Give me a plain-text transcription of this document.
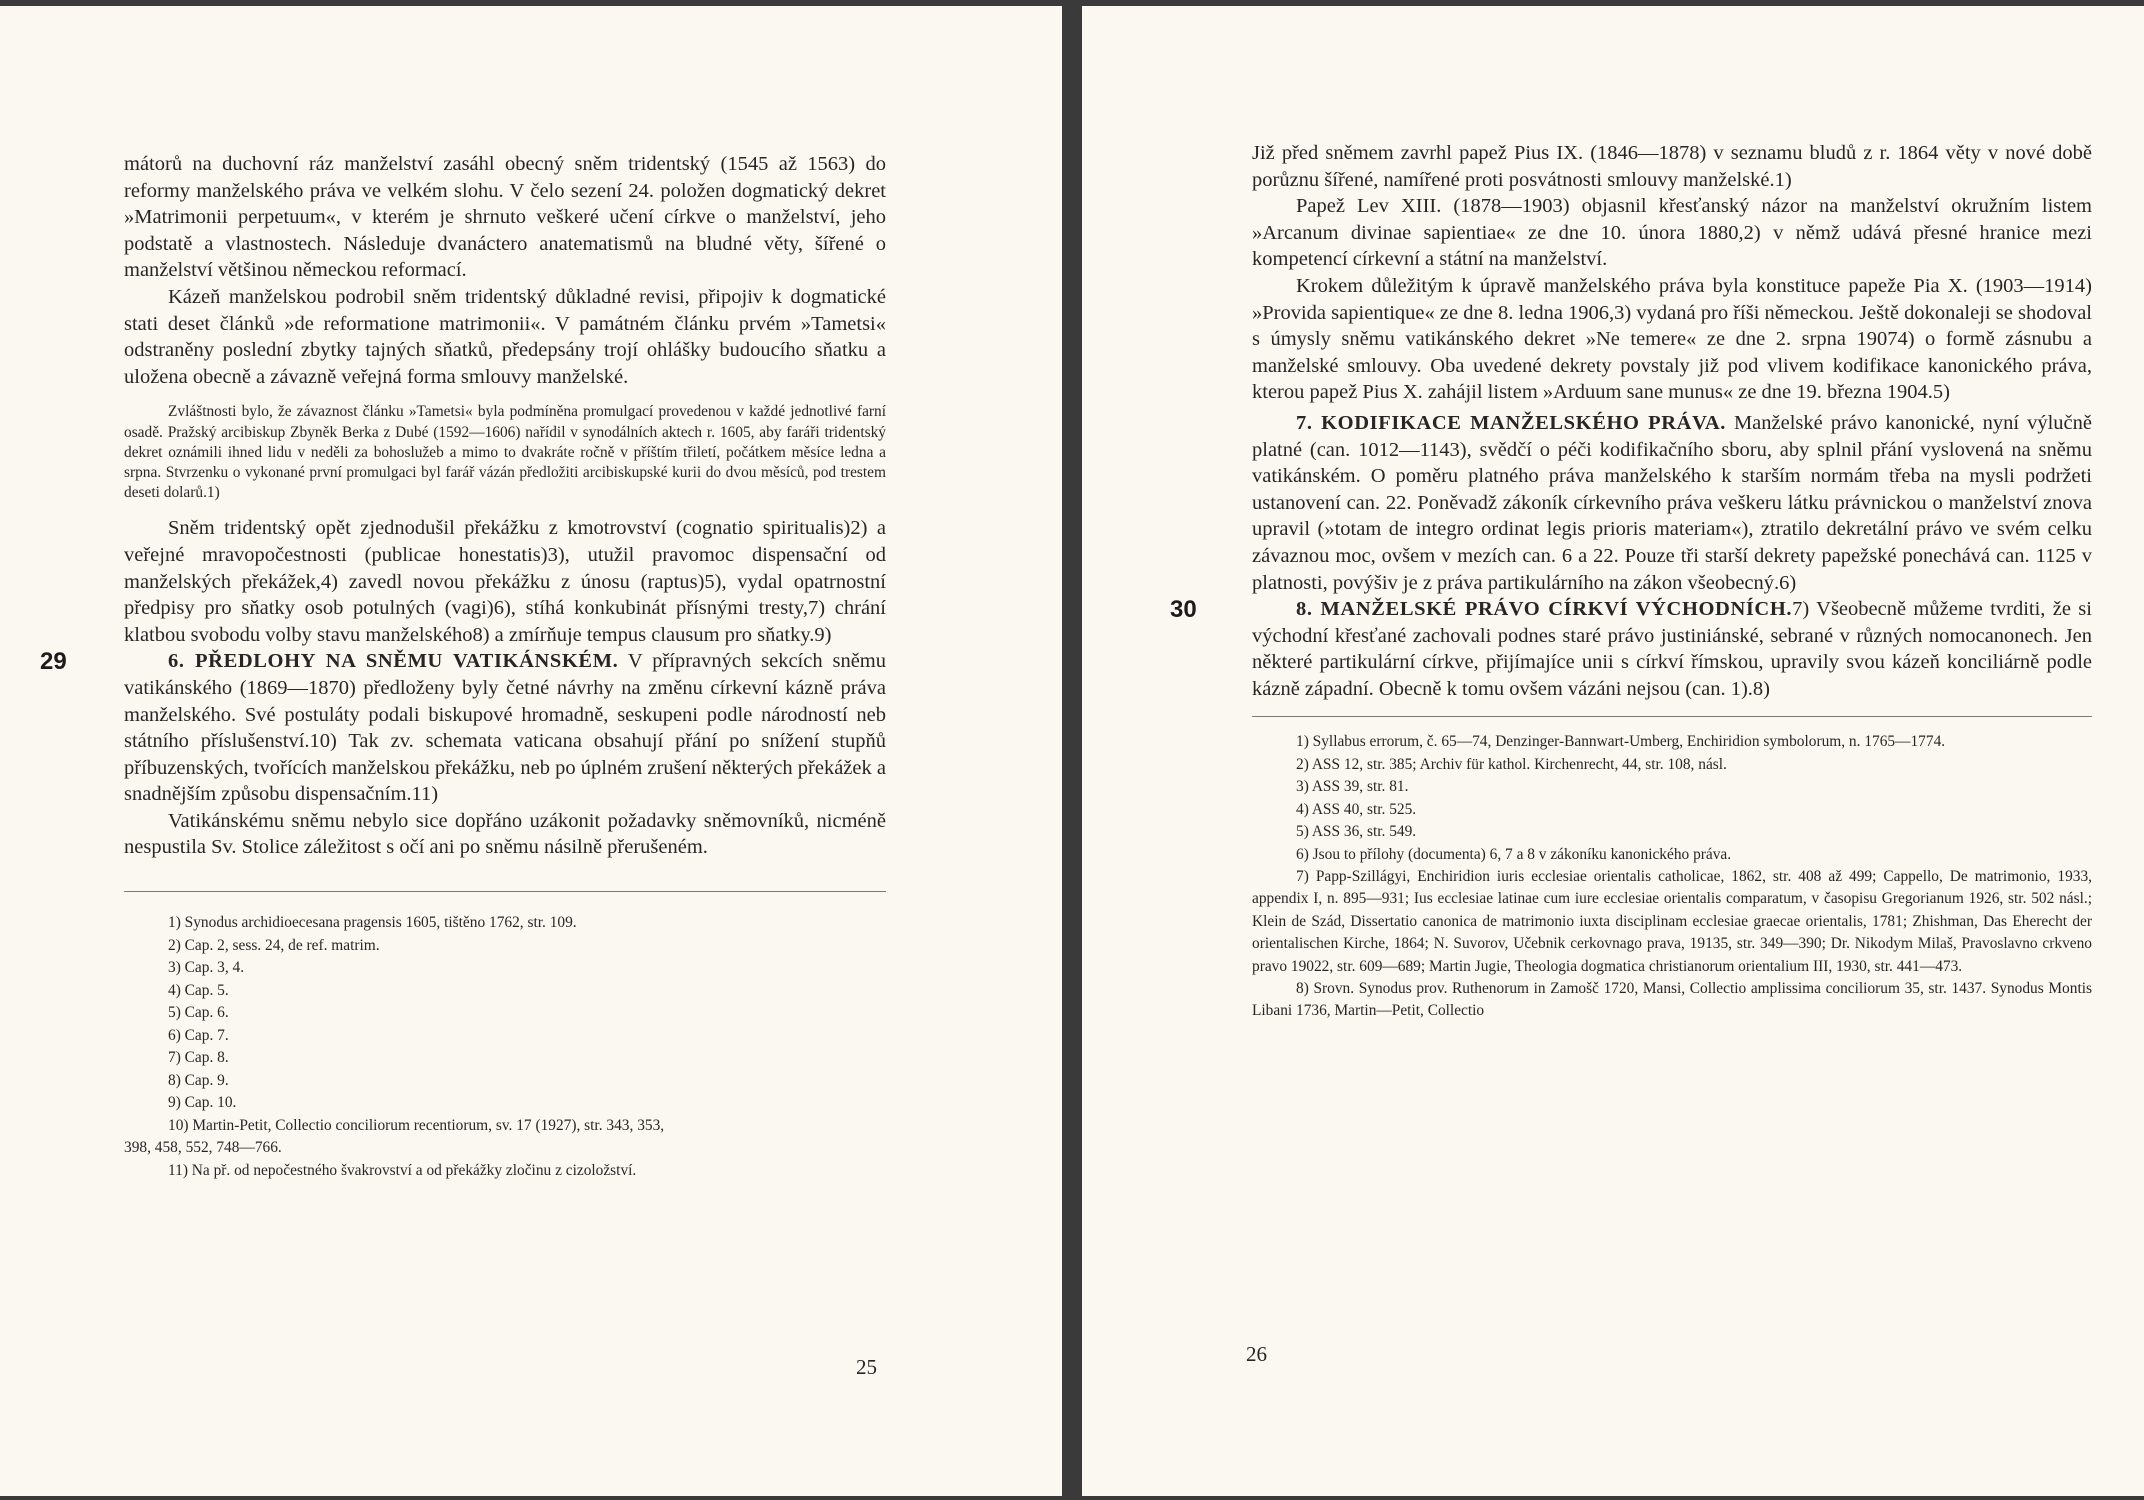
mátorů na duchovní ráz manželství zasáhl obecný sněm tridentský (1545 až 1563) do reformy manželského práva ve velkém slohu. V čelo sezení 24. položen dogmatický dekret »Matrimonii perpetuum«, v kterém je shrnuto veškeré učení církve o manželství, jeho podstatě a vlastnostech. Následuje dvanáctero anatematismů na bludné věty, šířené o manželství většinou německou reformací.

Kázeň manželskou podrobil sněm tridentský důkladné revisi, připojiv k dogmatické stati deset článků »de reformatione matrimonii«. V památném článku prvém »Tametsi« odstraněny poslední zbytky tajných sňatků, předepsány trojí ohlášky budoucího sňatku a uložena obecně a závazně veřejná forma smlouvy manželské.

Zvláštnosti bylo, že závaznost článku »Tametsi« byla podmíněna promulgací provedenou v každé jednotlivé farní osadě. Pražský arcibiskup Zbyněk Berka z Dubé (1592—1606) nařídil v synodálních aktech r. 1605, aby faráři tridentský dekret oznámili ihned lidu v neděli za bohoslužeb a mimo to dvakráte ročně v příštím třiletí, počátkem měsíce ledna a srpna. Stvrzenku o vykonané první promulgaci byl farář vázán předložiti arcibiskupské kurii do dvou měsíců, pod trestem deseti dolarů.1)

Sněm tridentský opět zjednodušil překážku z kmotrovství (cognatio spiritualis)2) a veřejné mravopočestnosti (publicae honestatis)3), utužil pravomoc dispensační od manželských překážek,4) zavedl novou překážku z únosu (raptus)5), vydal opatrnostní předpisy pro sňatky osob potulných (vagi)6), stíhá konkubinát přísnými tresty,7) chrání klatbou svobodu volby stavu manželského8) a zmírňuje tempus clausum pro sňatky.9)

29	6. PŘEDLOHY NA SNĚMU VATIKÁNSKÉM. V přípravných sekcích sněmu vatikánského (1869—1870) předloženy byly četné návrhy na změnu církevní kázně práva manželského. Své postuláty podali biskupové hromadně, seskupeni podle národností neb státního příslušenství.10) Tak zv. schemata vaticana obsahují přání po snížení stupňů příbuzenských, tvořících manželskou překážku, neb po úplném zrušení některých překážek a snadnějším způsobu dispensačním.11)

Vatikánskému sněmu nebylo sice dopřáno uzákonit požadavky sněmovníků, nicméně nespustila Sv. Stolice záležitost s očí ani po sněmu násilně přerušeném.

1) Synodus archidioecesana pragensis 1605, tištěno 1762, str. 109.

2) Cap. 2, sess. 24, de ref. matrim.

3) Cap. 3, 4.

4) Cap. 5.

5) Cap. 6.

6) Cap. 7.

7) Cap. 8.

8) Cap. 9.

9) Cap. 10.

10) Martin-Petit, Collectio conciliorum recentiorum, sv. 17 (1927), str. 343, 353,

398, 458, 552, 748—766.

11) Na př. od nepočestného švakrovství a od překážky zločinu z cizoložství.

25

Již před sněmem zavrhl papež Pius IX. (1846—1878) v seznamu bludů z r. 1864 věty v nové době porůznu šířené, namířené proti posvátnosti smlouvy manželské.1)

Papež Lev XIII. (1878—1903) objasnil křesťanský názor na manželství okružním listem »Arcanum divinae sapientiae« ze dne 10. února 1880,2) v němž udává přesné hranice mezi kompetencí církevní a státní na manželství.

Krokem důležitým k úpravě manželského práva byla konstituce papeže Pia X. (1903—1914) »Provida sapientique« ze dne 8. ledna 1906,3) vydaná pro říši německou. Ještě dokonaleji se shodoval s úmysly sněmu vatikánského dekret »Ne temere« ze dne 2. srpna 19074) o formě zásnubu a manželské smlouvy. Oba uvedené dekrety povstaly již pod vlivem kodifikace kanonického práva, kterou papež Pius X. zahájil listem »Arduum sane munus« ze dne 19. března 1904.5)

7. KODIFIKACE MANŽELSKÉHO PRÁVA. Manželské právo kanonické, nyní výlučně platné (can. 1012—1143), svědčí o péči kodifikačního sboru, aby splnil přání vyslovená na sněmu vatikánském. O poměru platného práva manželského k starším normám třeba na mysli podržeti ustanovení can. 22. Poněvadž zákoník církevního práva veškeru látku právnickou o manželství znova upravil (»totam de integro ordinat legis prioris materiam«), ztratilo dekretální právo ve svém celku závaznou moc, ovšem v mezích can. 6 a 22. Pouze tři starší dekrety papežské ponechává can. 1125 v platnosti, povýšiv je z práva partikulárního na zákon všeobecný.6)

30	8. MANŽELSKÉ PRÁVO CÍRKVÍ VÝCHODNÍCH.7) Všeobecně můžeme tvrditi, že si východní křesťané zachovali podnes staré právo justiniánské, sebrané v různých nomocanonech. Jen některé partikulární církve, přijímajíce unii s církví římskou, upravily svou kázeň konciliárně podle kázně západní. Obecně k tomu ovšem vázáni nejsou (can. 1).8)

1) Syllabus errorum, č. 65—74, Denzinger-Bannwart-Umberg, Enchiridion symbolorum, n. 1765—1774.

2) ASS 12, str. 385; Archiv für kathol. Kirchenrecht, 44, str. 108, násl.

3) ASS 39, str. 81.

4) ASS 40, str. 525.

5) ASS 36, str. 549.

6) Jsou to přílohy (documenta) 6, 7 a 8 v zákoníku kanonického práva.

7) Papp-Szillágyi, Enchiridion iuris ecclesiae orientalis catholicae, 1862, str. 408 až 499; Cappello, De matrimonio, 1933, appendix I, n. 895—931; Ius ecclesiae latinae cum iure ecclesiae orientalis comparatum, v časopisu Gregorianum 1926, str. 502 násl.; Klein de Szád, Dissertatio canonica de matrimonio iuxta disciplinam ecclesiae graecae orientalis, 1781; Zhishman, Das Eherecht der orientalischen Kirche, 1864; N. Suvorov, Učebnik cerkovnago prava, 19135, str. 349—390; Dr. Nikodym Milaš, Pravoslavno crkveno pravo 19022, str. 609—689; Martin Jugie, Theologia dogmatica christianorum orientalium III, 1930, str. 441—473.

8) Srovn. Synodus prov. Ruthenorum in Zamošč 1720, Mansi, Collectio amplissima conciliorum 35, str. 1437. Synodus Montis Libani 1736, Martin—Petit, Collectio

26
